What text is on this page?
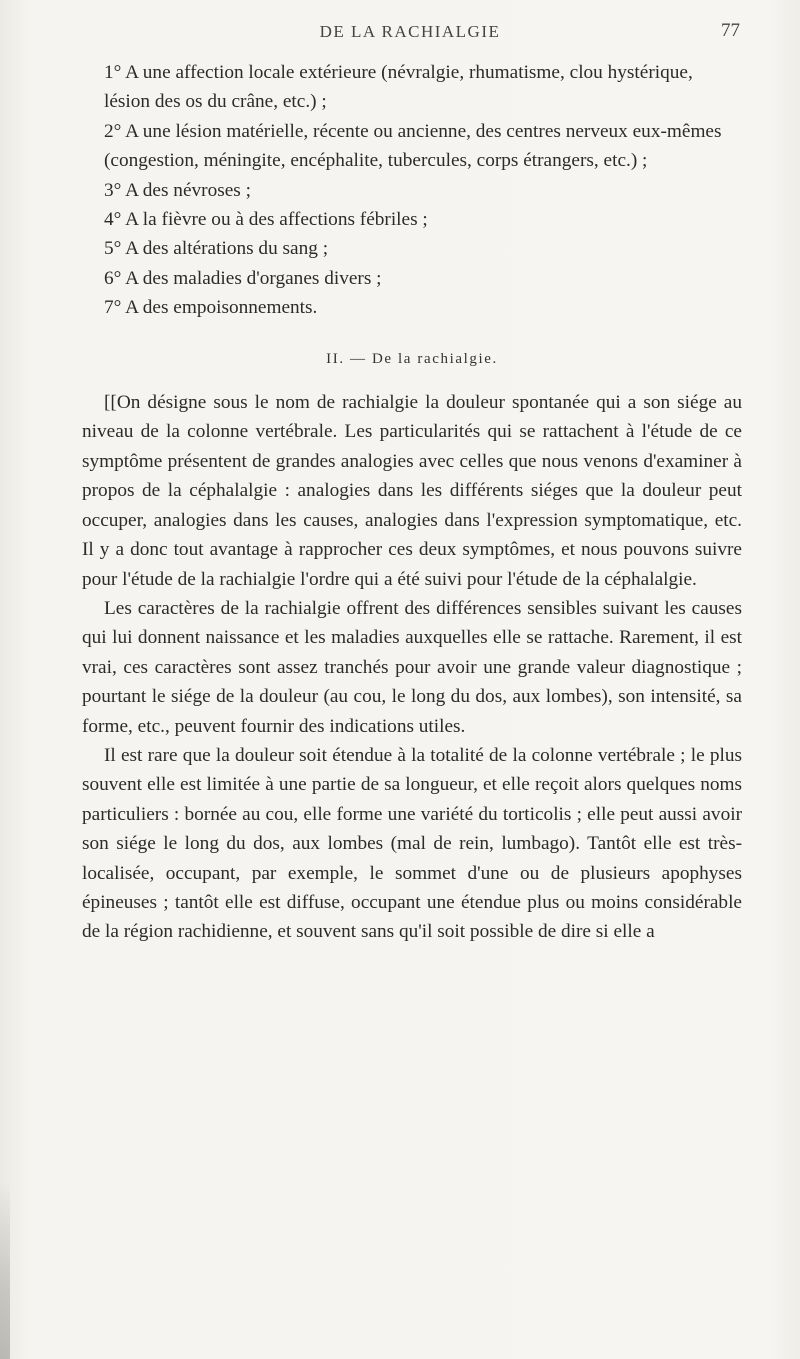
DE LA RACHIALGIE	77

1° A une affection locale extérieure (névralgie, rhumatisme, clou hystérique, lésion des os du crâne, etc.) ;

2° A une lésion matérielle, récente ou ancienne, des centres nerveux eux-mêmes (congestion, méningite, encéphalite, tubercules, corps étrangers, etc.) ;

3° A des névroses ;

4° A la fièvre ou à des affections fébriles ;

5° A des altérations du sang ;

6° A des maladies d'organes divers ;

7° A des empoisonnements.

II. — De la rachialgie.

[[On désigne sous le nom de rachialgie la douleur spontanée qui a son siége au niveau de la colonne vertébrale. Les particularités qui se rattachent à l'étude de ce symptôme présentent de grandes analogies avec celles que nous venons d'examiner à propos de la céphalalgie : analogies dans les différents siéges que la douleur peut occuper, analogies dans les causes, analogies dans l'expression symptomatique, etc. Il y a donc tout avantage à rapprocher ces deux symptômes, et nous pouvons suivre pour l'étude de la rachialgie l'ordre qui a été suivi pour l'étude de la céphalalgie.

Les caractères de la rachialgie offrent des différences sensibles suivant les causes qui lui donnent naissance et les maladies auxquelles elle se rattache. Rarement, il est vrai, ces caractères sont assez tranchés pour avoir une grande valeur diagnostique ; pourtant le siége de la douleur (au cou, le long du dos, aux lombes), son intensité, sa forme, etc., peuvent fournir des indications utiles.

Il est rare que la douleur soit étendue à la totalité de la colonne vertébrale ; le plus souvent elle est limitée à une partie de sa longueur, et elle reçoit alors quelques noms particuliers : bornée au cou, elle forme une variété du torticolis ; elle peut aussi avoir son siége le long du dos, aux lombes (mal de rein, lumbago). Tantôt elle est très-localisée, occupant, par exemple, le sommet d'une ou de plusieurs apophyses épineuses ; tantôt elle est diffuse, occupant une étendue plus ou moins considérable de la région rachidienne, et souvent sans qu'il soit possible de dire si elle a
